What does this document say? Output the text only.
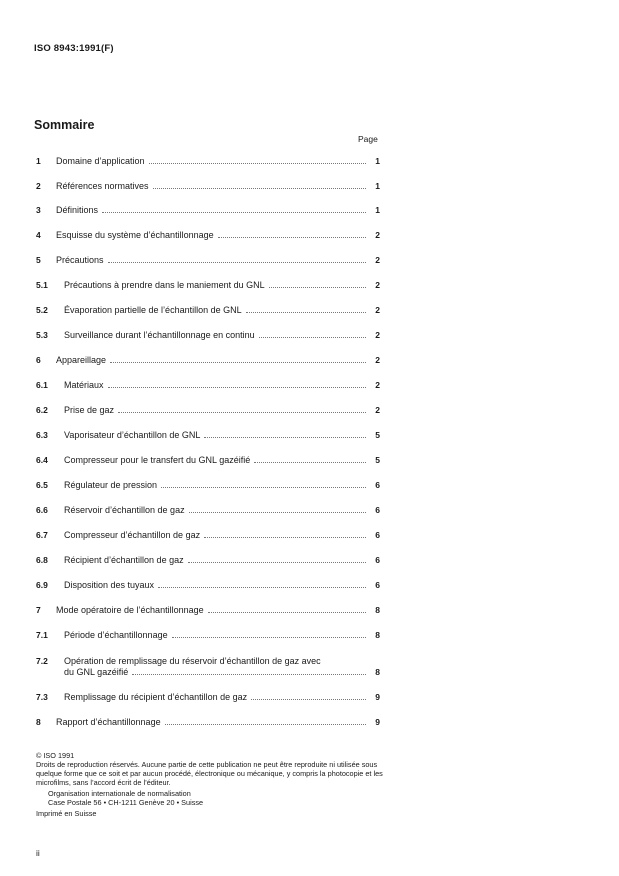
ISO 8943:1991(F)
Sommaire
Page
1 Domaine d’application	1
2 Références normatives	1
3 Définitions	1
4 Esquisse du système d’échantillonnage	2
5 Précautions	2
5.1 Précautions à prendre dans le maniement du GNL	2
5.2 Évaporation partielle de l’échantillon de GNL	2
5.3 Surveillance durant l’échantillonnage en continu	2
6 Appareillage	2
6.1 Matériaux	2
6.2 Prise de gaz	2
6.3 Vaporisateur d’échantillon de GNL	5
6.4 Compresseur pour le transfert du GNL gazéifié	5
6.5 Régulateur de pression	6
6.6 Réservoir d’échantillon de gaz	6
6.7 Compresseur d’échantillon de gaz	6
6.8 Récipient d’échantillon de gaz	6
6.9 Disposition des tuyaux	6
7 Mode opératoire de l’échantillonnage	8
7.1 Période d’échantillonnage	8
7.2 Opération de remplissage du réservoir d’échantillon de gaz avec
du GNL gazéifié	8
7.3 Remplissage du récipient d’échantillon de gaz	9
8 Rapport d’échantillonnage	9
© ISO 1991
Droits de reproduction réservés. Aucune partie de cette publication ne peut être reproduite ni utilisée sous quelque forme que ce soit et par aucun procédé, électronique ou mécanique, y compris la photocopie et les microfilms, sans l’accord écrit de l’éditeur.
Organisation internationale de normalisation
Case Postale 56 • CH-1211 Genève 20 • Suisse
Imprimé en Suisse
ii
